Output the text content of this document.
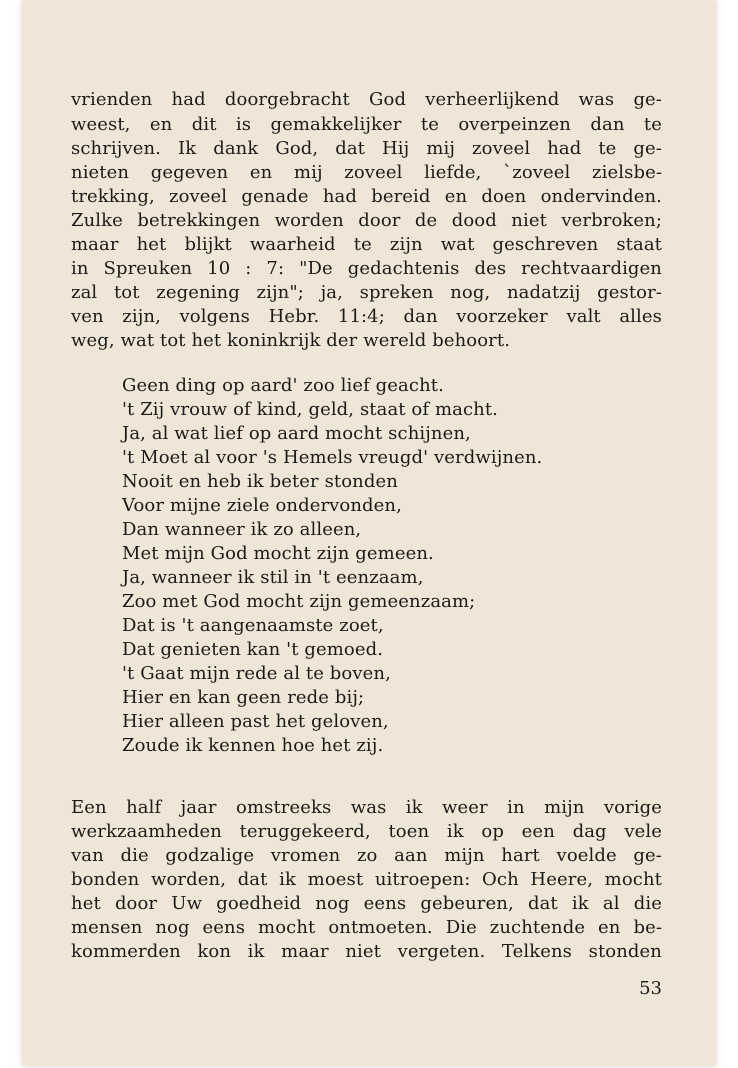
vrienden had doorgebracht God verheerlijkend was ge-
weest, en dit is gemakkelijker te overpeinzen dan te
schrijven. Ik dank God, dat Hij mij zoveel had te ge-
nieten gegeven en mij zoveel liefde, `zoveel zielsbe-
trekking, zoveel genade had bereid en doen ondervinden.
Zulke betrekkingen worden door de dood niet verbroken;
maar het blijkt waarheid te zijn wat geschreven staat
in Spreuken 10 : 7: "De gedachtenis des rechtvaardigen
zal tot zegening zijn"; ja, spreken nog, nadatzij gestor-
ven zijn, volgens Hebr. 11:4; dan voorzeker valt alles
weg, wat tot het koninkrijk der wereld behoort.
Geen ding op aard' zoo lief geacht.
't Zij vrouw of kind, geld, staat of macht.
Ja, al wat lief op aard mocht schijnen,
't Moet al voor 's Hemels vreugd' verdwijnen.
Nooit en heb ik beter stonden
Voor mijne ziele ondervonden,
Dan wanneer ik zo alleen,
Met mijn God mocht zijn gemeen.
Ja, wanneer ik stil in 't eenzaam,
Zoo met God mocht zijn gemeenzaam;
Dat is 't aangenaamste zoet,
Dat genieten kan 't gemoed.
't Gaat mijn rede al te boven,
Hier en kan geen rede bij;
Hier alleen past het geloven,
Zoude ik kennen hoe het zij.
Een half jaar omstreeks was ik weer in mijn vorige
werkzaamheden teruggekeerd, toen ik op een dag vele
van die godzalige vromen zo aan mijn hart voelde ge-
bonden worden, dat ik moest uitroepen: Och Heere, mocht
het door Uw goedheid nog eens gebeuren, dat ik al die
mensen nog eens mocht ontmoeten. Die zuchtende en be-
kommerden kon ik maar niet vergeten. Telkens stonden
53
